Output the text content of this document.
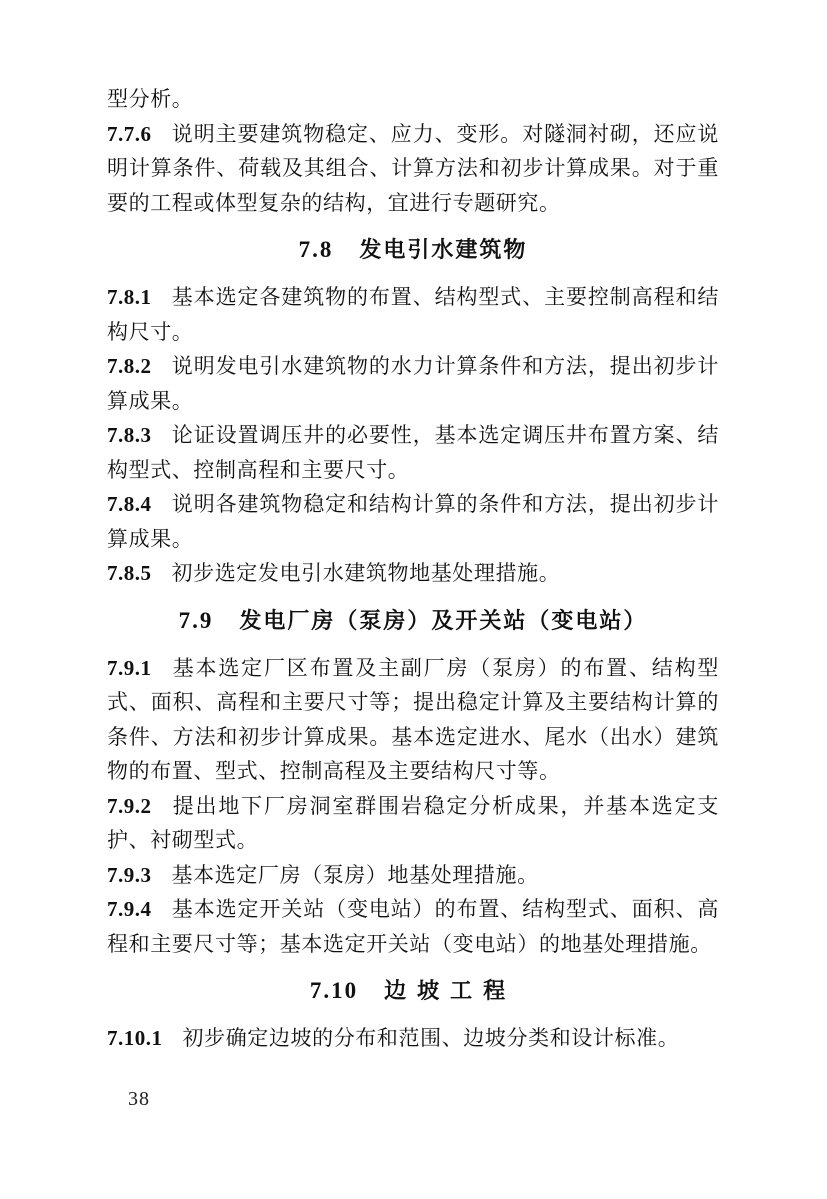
型分析。

7.7.6 说明主要建筑物稳定、应力、变形。对隧洞衬砌，还应说明计算条件、荷载及其组合、计算方法和初步计算成果。对于重要的工程或体型复杂的结构，宜进行专题研究。

7.8 发电引水建筑物

7.8.1 基本选定各建筑物的布置、结构型式、主要控制高程和结构尺寸。

7.8.2 说明发电引水建筑物的水力计算条件和方法，提出初步计算成果。

7.8.3 论证设置调压井的必要性，基本选定调压井布置方案、结构型式、控制高程和主要尺寸。

7.8.4 说明各建筑物稳定和结构计算的条件和方法，提出初步计算成果。

7.8.5 初步选定发电引水建筑物地基处理措施。

7.9 发电厂房（泵房）及开关站（变电站）

7.9.1 基本选定厂区布置及主副厂房（泵房）的布置、结构型式、面积、高程和主要尺寸等；提出稳定计算及主要结构计算的条件、方法和初步计算成果。基本选定进水、尾水（出水）建筑物的布置、型式、控制高程及主要结构尺寸等。

7.9.2 提出地下厂房洞室群围岩稳定分析成果，并基本选定支护、衬砌型式。

7.9.3 基本选定厂房（泵房）地基处理措施。

7.9.4 基本选定开关站（变电站）的布置、结构型式、面积、高程和主要尺寸等；基本选定开关站（变电站）的地基处理措施。

7.10 边坡工程

7.10.1 初步确定边坡的分布和范围、边坡分类和设计标准。

38
